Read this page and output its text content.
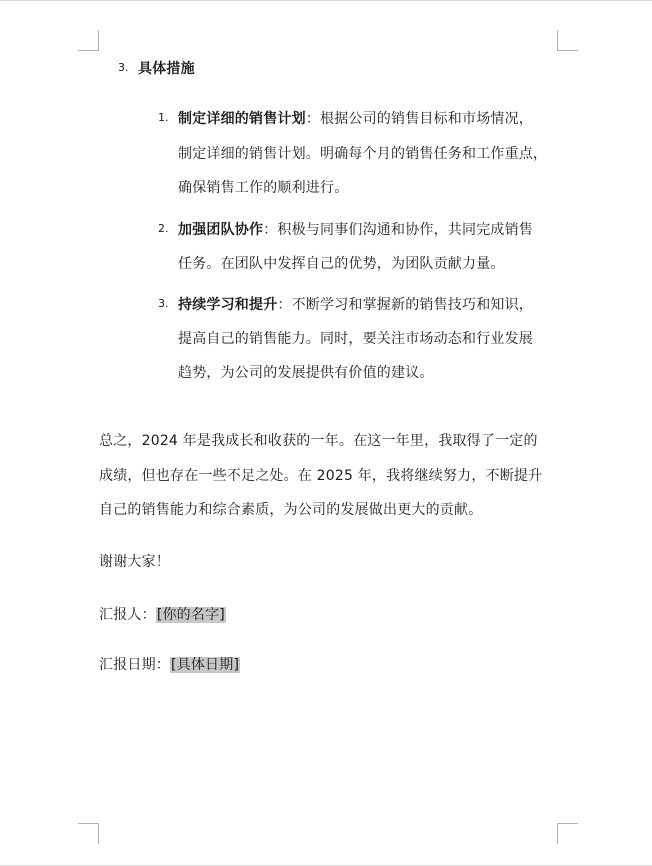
3. 具体措施
1. 制定详细的销售计划：根据公司的销售目标和市场情况，
制定详细的销售计划。明确每个月的销售任务和工作重点，
确保销售工作的顺利进行。
2. 加强团队协作：积极与同事们沟通和协作，共同完成销售
任务。在团队中发挥自己的优势，为团队贡献力量。
3. 持续学习和提升：不断学习和掌握新的销售技巧和知识，
提高自己的销售能力。同时，要关注市场动态和行业发展
趋势，为公司的发展提供有价值的建议。
总之，2024 年是我成长和收获的一年。在这一年里，我取得了一定的
成绩，但也存在一些不足之处。在 2025 年，我将继续努力，不断提升
自己的销售能力和综合素质，为公司的发展做出更大的贡献。
谢谢大家！
汇报人：[你的名字]
汇报日期：[具体日期]
